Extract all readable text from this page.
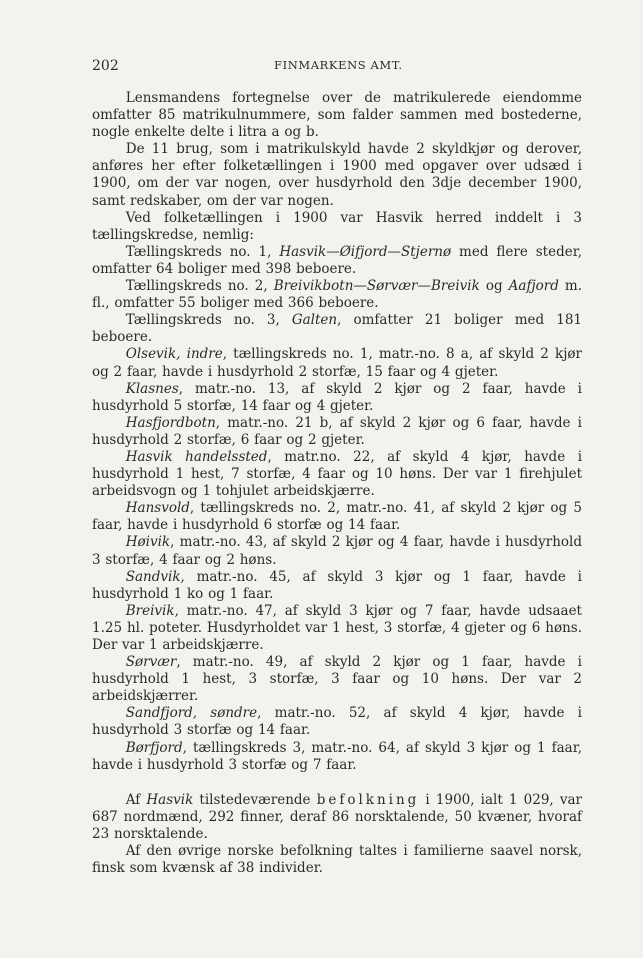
202	FINMARKENS AMT.

Lensmandens fortegnelse over de matrikulerede eiendomme omfatter 85 matrikulnummere, som falder sammen med bostederne, nogle enkelte delte i litra a og b.

De 11 brug, som i matrikulskyld havde 2 skyldkjør og derover, anføres her efter folketællingen i 1900 med opgaver over udsæd i 1900, om der var nogen, over husdyrhold den 3dje december 1900, samt redskaber, om der var nogen.

Ved folketællingen i 1900 var Hasvik herred inddelt i 3 tællingskredse, nemlig:

Tællingskreds no. 1, Hasvik—Øifjord—Stjernø med flere steder, omfatter 64 boliger med 398 beboere.

Tællingskreds no. 2, Breivikbotn—Sørvær—Breivik og Aafjord m. fl., omfatter 55 boliger med 366 beboere.

Tællingskreds no. 3, Galten, omfatter 21 boliger med 181 beboere.

Olsevik, indre, tællingskreds no. 1, matr.-no. 8 a, af skyld 2 kjør og 2 faar, havde i husdyrhold 2 storfæ, 15 faar og 4 gjeter.

Klasnes, matr.-no. 13, af skyld 2 kjør og 2 faar, havde i husdyrhold 5 storfæ, 14 faar og 4 gjeter.

Hasfjordbotn, matr.-no. 21 b, af skyld 2 kjør og 6 faar, havde i husdyrhold 2 storfæ, 6 faar og 2 gjeter.

Hasvik handelssted, matr.no. 22, af skyld 4 kjør, havde i husdyrhold 1 hest, 7 storfæ, 4 faar og 10 høns. Der var 1 firehjulet arbeidsvogn og 1 tohjulet arbeidskjærre.

Hansvold, tællingskreds no. 2, matr.-no. 41, af skyld 2 kjør og 5 faar, havde i husdyrhold 6 storfæ og 14 faar.

Høivik, matr.-no. 43, af skyld 2 kjør og 4 faar, havde i husdyrhold 3 storfæ, 4 faar og 2 høns.

Sandvik, matr.-no. 45, af skyld 3 kjør og 1 faar, havde i husdyrhold 1 ko og 1 faar.

Breivik, matr.-no. 47, af skyld 3 kjør og 7 faar, havde udsaaet 1.25 hl. poteter. Husdyrholdet var 1 hest, 3 storfæ, 4 gjeter og 6 høns. Der var 1 arbeidskjærre.

Sørvær, matr.-no. 49, af skyld 2 kjør og 1 faar, havde i husdyrhold 1 hest, 3 storfæ, 3 faar og 10 høns. Der var 2 arbeidskjærrer.

Sandfjord, søndre, matr.-no. 52, af skyld 4 kjør, havde i husdyrhold 3 storfæ og 14 faar.

Børfjord, tællingskreds 3, matr.-no. 64, af skyld 3 kjør og 1 faar, havde i husdyrhold 3 storfæ og 7 faar.

Af Hasvik tilstedeværende befolkning i 1900, ialt 1 029, var 687 nordmænd, 292 finner, deraf 86 norsktalende, 50 kvæner, hvoraf 23 norsktalende.

Af den øvrige norske befolkning taltes i familierne saavel norsk, finsk som kvænsk af 38 individer.
